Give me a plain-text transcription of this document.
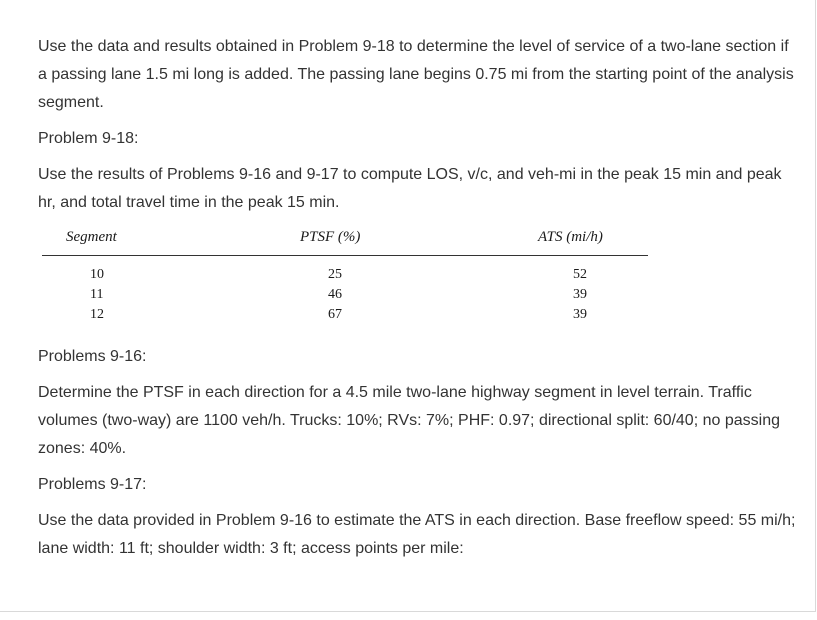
Use the data and results obtained in Problem 9-18 to determine the level of service of a two-lane section if a passing lane 1.5 mi long is added. The passing lane begins 0.75 mi from the starting point of the analysis segment.

Problem 9-18:

Use the results of Problems 9-16 and 9-17 to compute LOS, v/c, and veh-mi in the peak 15 min and peak hr, and total travel time in the peak 15 min.

Segment	PTSF (%)	ATS (mi/h)
10
11
12
25
46
67
52
39
39

Problems 9-16:

Determine the PTSF in each direction for a 4.5 mile two-lane highway segment in level terrain. Traffic volumes (two-way) are 1100 veh/h. Trucks: 10%; RVs: 7%; PHF: 0.97; directional split: 60/40; no passing zones: 40%.

Problems 9-17:

Use the data provided in Problem 9-16 to estimate the ATS in each direction. Base freeflow speed: 55 mi/h; lane width: 11 ft; shoulder width: 3 ft; access points per mile:
